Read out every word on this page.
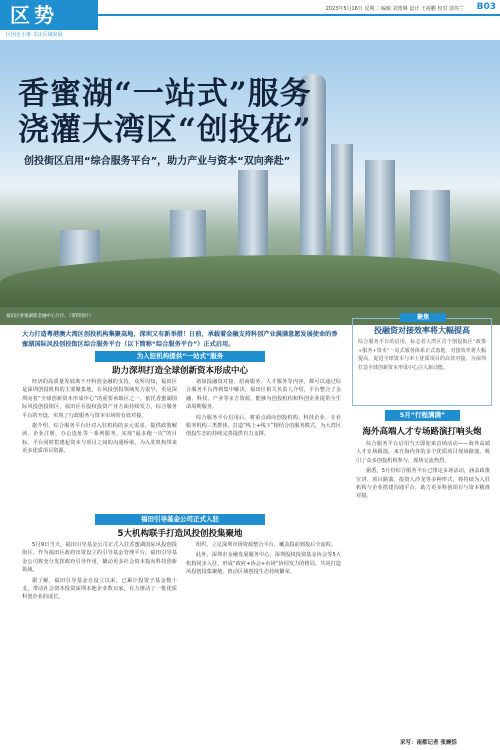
区势
区因无小事 关注区域发展
2023年5月16日 星期二 编辑 刘蕾琳 设计 王裕鹏 校对 郭伟兰 B03
香蜜湖“一站式”服务
浇灌大湾区“创投花”
创投街区启用“综合服务平台”，助力产业与资本“双向奔赴”
福田区香蜜湖新金融中心片区。（资料图片）
大力打造粤港澳大湾区创投机构集聚高地，深圳又有新举措！日前，承载着金融支持科创产业满满意愿发展使命的香蜜湖国际风投创投街区综合服务平台（以下简称“综合服务平台”）正式启用。
为入驻机构提供“一站式”服务
助力深圳打造全球创新资本形成中心

经济的高质量发展离不开科创金融的支持，众所周知，福田区是深圳创投机构的主要聚集地，在风投创投领域发力很早，更是深圳向着“全球创新资本形成中心”的重要承载区之一。依托香蜜湖国际风投创投街区，福田区在股权投资产业方面持续发力，综合服务平台的开设，实现了行政服务与资本市场的有效对接。

据介绍，综合服务平台针对入驻机构的多元需求，提供政策解读、企业注册、办公选址等一系列服务，实现“最多跑一次”的目标。平台同时搭建起资本与项目之间的沟通桥梁，为入驻机构带来更多优质项目资源。

诸如投融资对接、招商服务、人才服务等内容，都可以通过综合服务平台得到集中解决，福田区相关负责人介绍，平台整合了金融、科技、产业等多方资源，能够为创投机构和科创企业提供全生命周期服务。

综合服务平台启用后，将重点面向创投机构、科技企业、专业服务机构三类群体，打造“线上+线下”相结合的服务模式，为大湾区创投生态的持续完善提供有力支撑。

福田引导基金公司正式入驻
5大机构联手打造风投创投集聚地

5月9日当天，福田引导基金公司正式入驻香蜜湖国际风投创投街区。作为福田区政府出资设立的引导基金管理平台，福田引导基金公司将充分发挥政府引导作用，撬动更多社会资本投向科技创新领域。

据了解，福田引导基金自设立以来，已累计投资子基金数十支，带动社会资本投资深圳本地企业数百家，有力推动了一批优质科创企业的成长。

组织，立足深圳市场资源整合平台，覆盖投前到投后全流程。

此外，深圳市金融发展服务中心、深圳股权投资基金协会等5大机构同步入驻，形成“政府+协会+市场”协同发力的格局，共同打造风投创投集聚地，推动区域创投生态持续繁荣。

聚焦
投融资对接效率将大幅提高
综合服务平台的启用，标志着大湾区首个创投街区“政策+服务+资本”一站式服务体系正式落地，对接效率将大幅提高，促进全球资本与本土优质项目的高效对接，为深圳打造全球创新资本形成中心注入新动能。
5月“行程满满”
海外高端人才专场路演打响头炮

综合服务平台启用当天即迎来首场活动——海外高端人才专场路演。来自海内外的多个优质项目现场路演，吸引了众多创投机构参与，现场交流热烈。

据悉，5月份综合服务平台已排定多场活动，涵盖政策宣讲、项目路演、投资人沙龙等多种形式，将持续为入驻机构与企业搭建沟通平台，助力更多科创项目与资本精准对接。

采写：南都记者 张婉恬
